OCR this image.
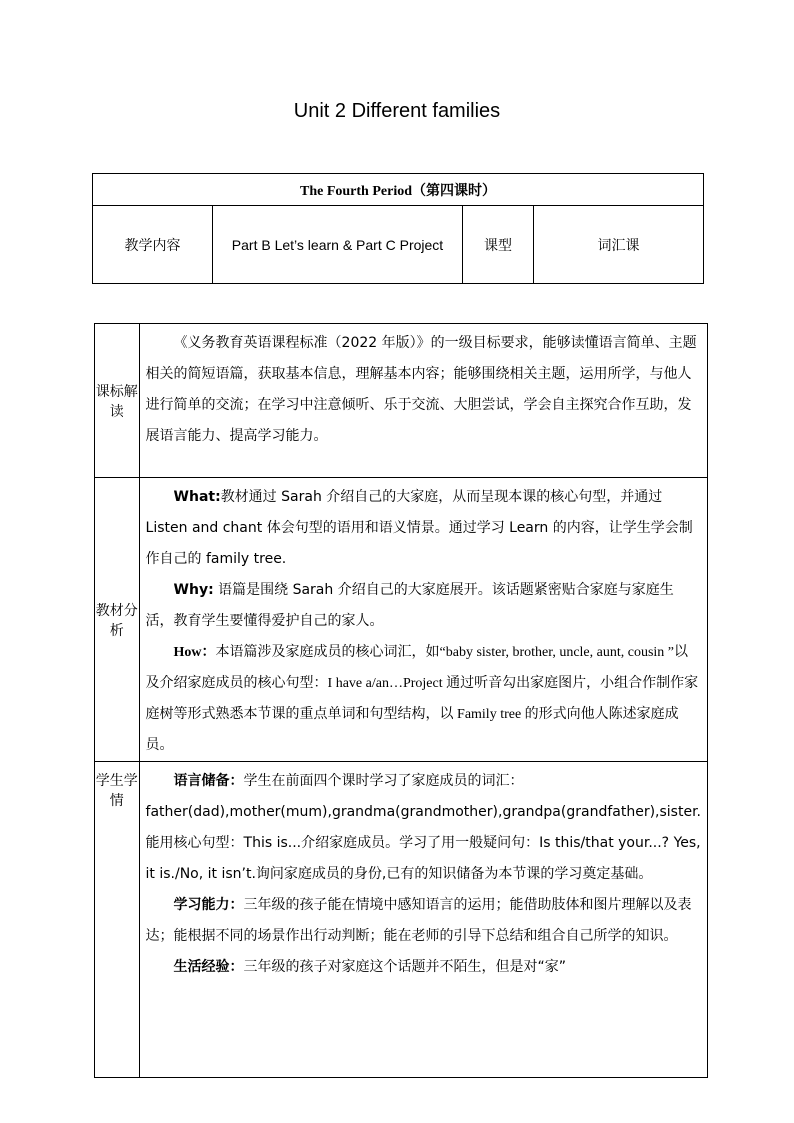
Unit 2 Different families
The Fourth Period（第四课时）
教学内容	Part B Let’s learn & Part C Project	课型	词汇课
课标解读	《义务教育英语课程标准（2022 年版）》的一级目标要求，能够读懂语言简单、主题相关的简短语篇，获取基本信息，理解基本内容；能够围绕相关主题，运用所学，与他人进行简单的交流；在学习中注意倾听、乐于交流、大胆尝试，学会自主探究合作互助，发展语言能力、提高学习能力。

教材分析	What:教材通过 Sarah 介绍自己的大家庭，从而呈现本课的核心句型，并通过 Listen and chant 体会句型的语用和语义情景。通过学习 Learn 的内容，让学生学会制作自己的 family tree.
Why: 语篇是围绕 Sarah 介绍自己的大家庭展开。该话题紧密贴合家庭与家庭生活，教育学生要懂得爱护自己的家人。
How：本语篇涉及家庭成员的核心词汇，如“baby sister, brother, uncle, aunt, cousin ”以及介绍家庭成员的核心句型：I have a/an…Project 通过听音勾出家庭图片，小组合作制作家庭树等形式熟悉本节课的重点单词和句型结构，以 Family tree 的形式向他人陈述家庭成员。

学生学情	语言储备：学生在前面四个课时学习了家庭成员的词汇：
father(dad),mother(mum),grandma(grandmother),grandpa(grandfather),sister.能用核心句型：This is...介绍家庭成员。学习了用一般疑问句：Is this/that your...? Yes, it is./No, it isn’t.询问家庭成员的身份,已有的知识储备为本节课的学习奠定基础。
学习能力：三年级的孩子能在情境中感知语言的运用；能借助肢体和图片理解以及表达；能根据不同的场景作出行动判断；能在老师的引导下总结和组合自己所学的知识。
生活经验：三年级的孩子对家庭这个话题并不陌生，但是对“家”
